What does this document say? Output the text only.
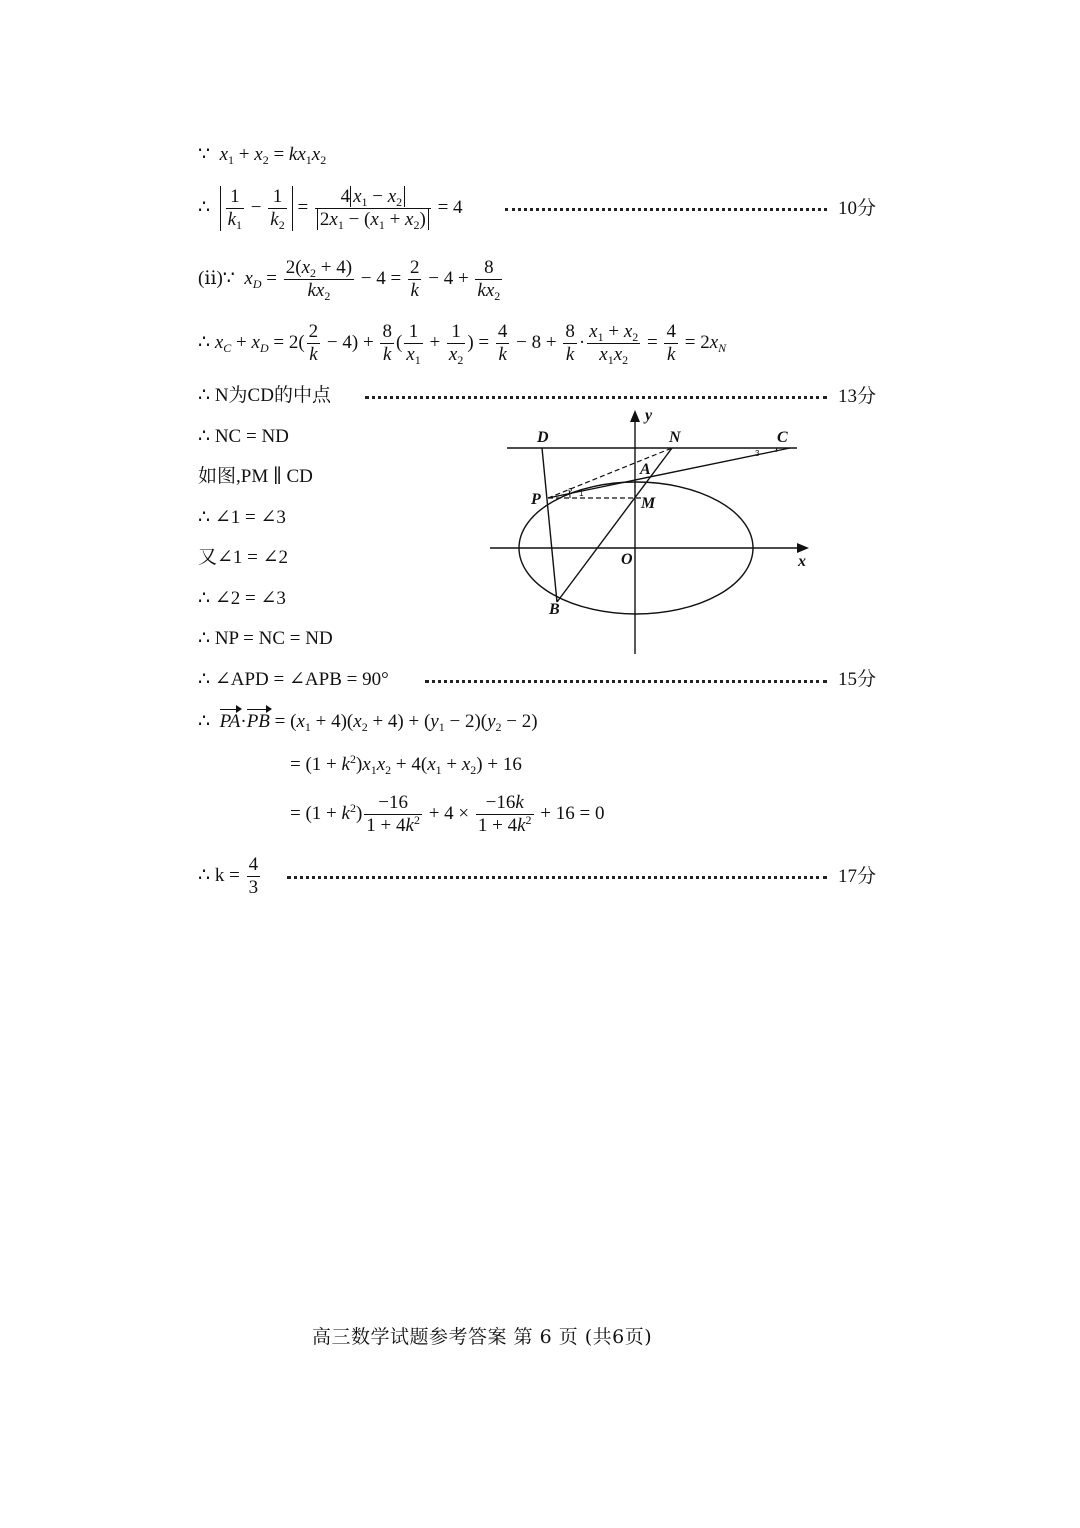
∵ $x_1 + x_2 = kx_1x_2$
∴ $\frac{1}{k_1} - \frac{1}{k_2} = \frac{4 x_1 - x_2}{2x_1 - (x_1 + x_2)} = 4$	10分
(ⅱ)∵ $x_D = \frac{2(x_2 + 4)}{kx_2} - 4 = \frac{2}{k} - 4 + \frac{8}{kx_2}$
∴ $x_C + x_D = 2( \frac{2}{k} - 4) + \frac{8}{k}$ ( $\frac{1}{x_1} + \frac{1}{x_2}$ ) = $\frac{4}{k} - 8 + \frac{8}{k} \cdot \frac{x_1 + x_2}{x_1x_2} = \frac{4}{k} = 2x_N$
∴ N为CD的中点	13分
∴ NC = ND
如图,PM ∥ CD
∴ ∠1 = ∠3
又∠1 = ∠2
∴ ∠2 = ∠3
∴ NP = NC = ND
∴ ∠APD = ∠APB = 90°	15分
∴ $PA\cdot PB = (x_1 + 4)(x_2 + 4) + (y_1 - 2)(y_2 - 2)$
= $(1 + k^2)x_1x_2 + 4(x_1 + x_2) + 16$
= $(1 + k^2) \frac{-16}{1 + 4k^2} + 4 \times \frac{-16k}{1 + 4k^2} + 16 = 0$
∴ $k = \frac{4}{3}$	17分
1
2
3
D	N	C
A
P	M
O
B
x
y
高三数学试题参考答案 第 6 页 (共6页)
